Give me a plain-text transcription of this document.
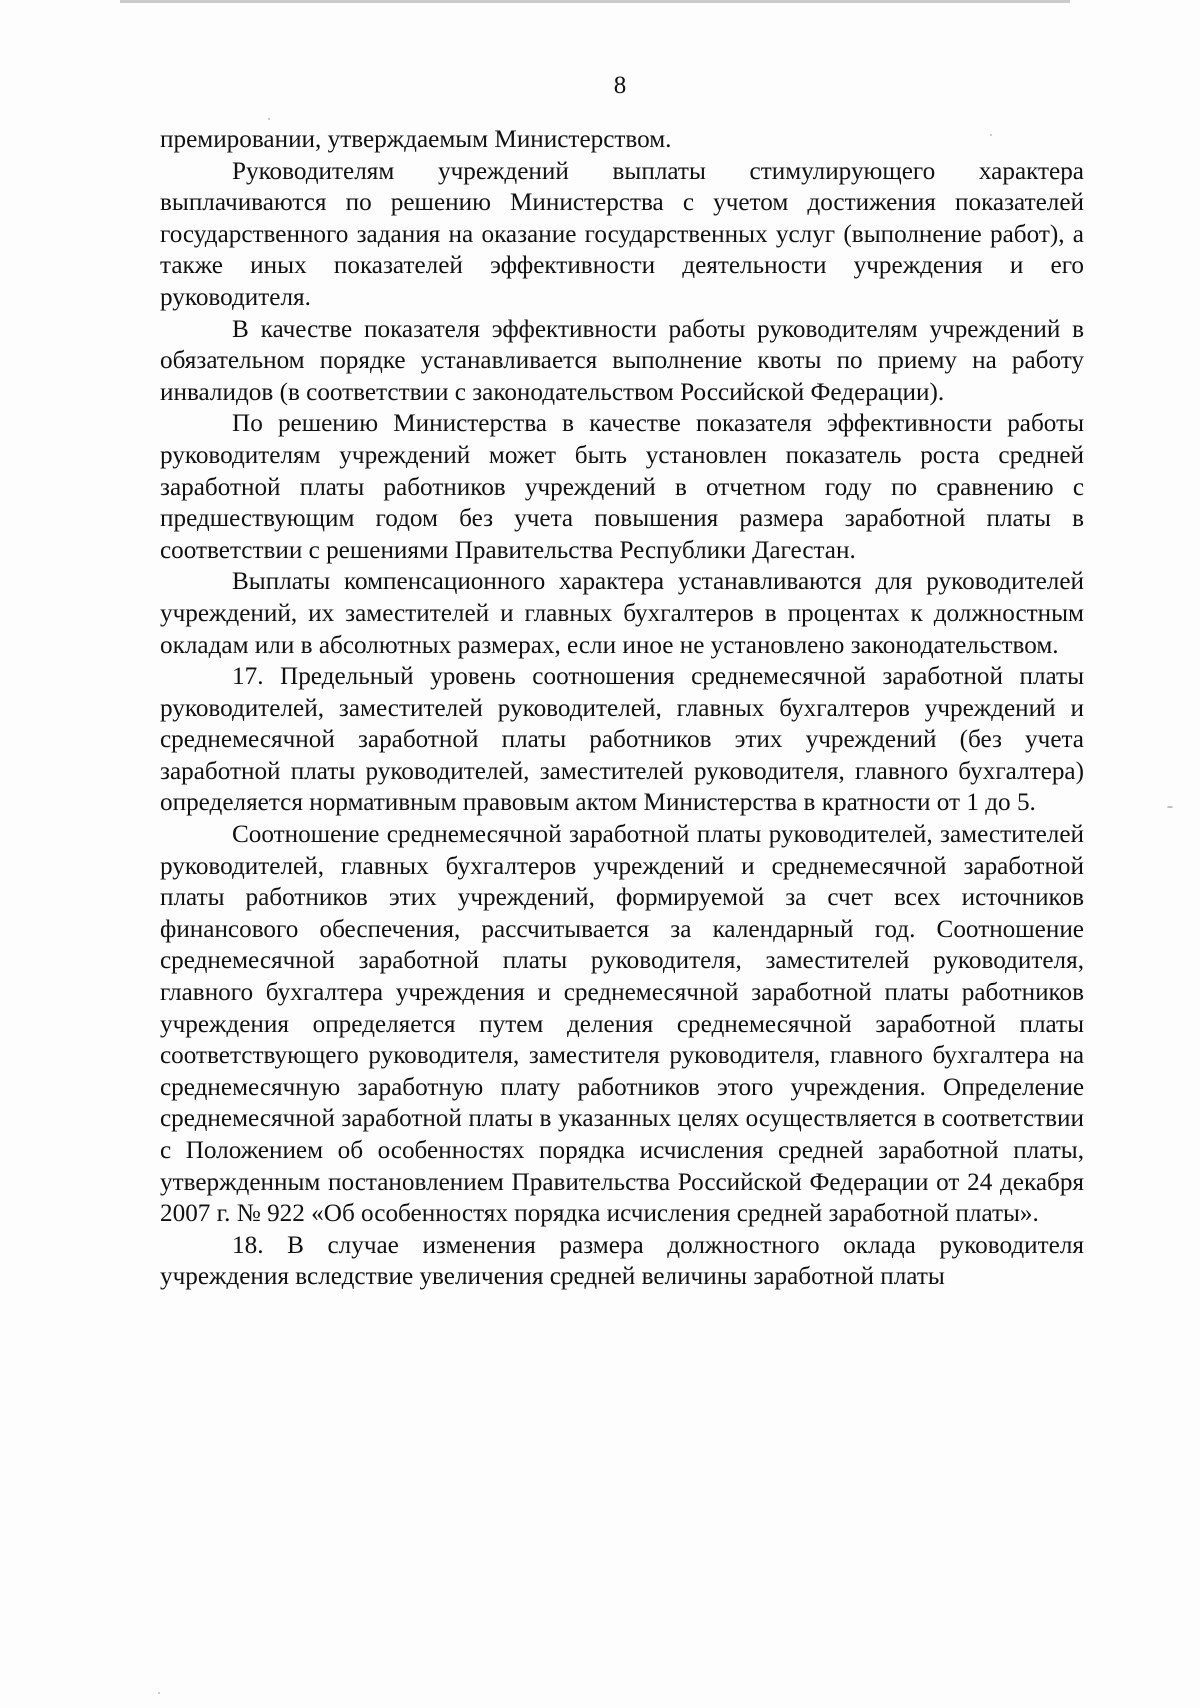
8

премировании, утверждаемым Министерством.

Руководителям учреждений выплаты стимулирующего характера выплачиваются по решению Министерства с учетом достижения показателей государственного задания на оказание государственных услуг (выполнение работ), а также иных показателей эффективности деятельности учреждения и его руководителя.

В качестве показателя эффективности работы руководителям учреждений в обязательном порядке устанавливается выполнение квоты по приему на работу инвалидов (в соответствии с законодательством Российской Федерации).

По решению Министерства в качестве показателя эффективности работы руководителям учреждений может быть установлен показатель роста средней заработной платы работников учреждений в отчетном году по сравнению с предшествующим годом без учета повышения размера заработной платы в соответствии с решениями Правительства Республики Дагестан.

Выплаты компенсационного характера устанавливаются для руководителей учреждений, их заместителей и главных бухгалтеров в процентах к должностным окладам или в абсолютных размерах, если иное не установлено законодательством.

17. Предельный уровень соотношения среднемесячной заработной платы руководителей, заместителей руководителей, главных бухгалтеров учреждений и среднемесячной заработной платы работников этих учреждений (без учета заработной платы руководителей, заместителей руководителя, главного бухгалтера) определяется нормативным правовым актом Министерства в кратности от 1 до 5.

Соотношение среднемесячной заработной платы руководителей, заместителей руководителей, главных бухгалтеров учреждений и среднемесячной заработной платы работников этих учреждений, формируемой за счет всех источников финансового обеспечения, рассчитывается за календарный год. Соотношение среднемесячной заработной платы руководителя, заместителей руководителя, главного бухгалтера учреждения и среднемесячной заработной платы работников учреждения определяется путем деления среднемесячной заработной платы соответствующего руководителя, заместителя руководителя, главного бухгалтера на среднемесячную заработную плату работников этого учреждения. Определение среднемесячной заработной платы в указанных целях осуществляется в соответствии с Положением об особенностях порядка исчисления средней заработной платы, утвержденным постановлением Правительства Российской Федерации от 24 декабря 2007 г. № 922 «Об особенностях порядка исчисления средней заработной платы».

18. В случае изменения размера должностного оклада руководителя учреждения вследствие увеличения средней величины заработной платы
